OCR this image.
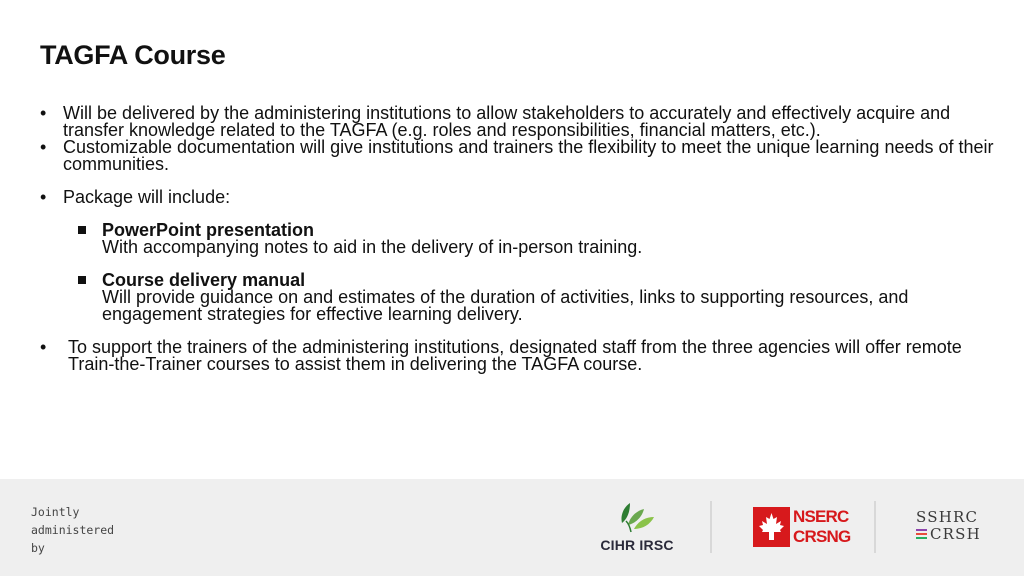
TAGFA Course
• Will be delivered by the administering institutions to allow stakeholders to accurately and effectively acquire and transfer knowledge related to the TAGFA (e.g. roles and responsibilities, financial matters, etc.).
• Customizable documentation will give institutions and trainers the flexibility to meet the unique learning needs of their communities.
• Package will include:
PowerPoint presentation
With accompanying notes to aid in the delivery of in-person training.
Course delivery manual
Will provide guidance on and estimates of the duration of activities, links to supporting resources, and engagement strategies for effective learning delivery.
• To support the trainers of the administering institutions, designated staff from the three agencies will offer remote Train-the-Trainer courses to assist them in delivering the TAGFA course.
Jointly
administered
by	CIHR IRSC
NSERC
CRSNG
SSHRC
CRSH
